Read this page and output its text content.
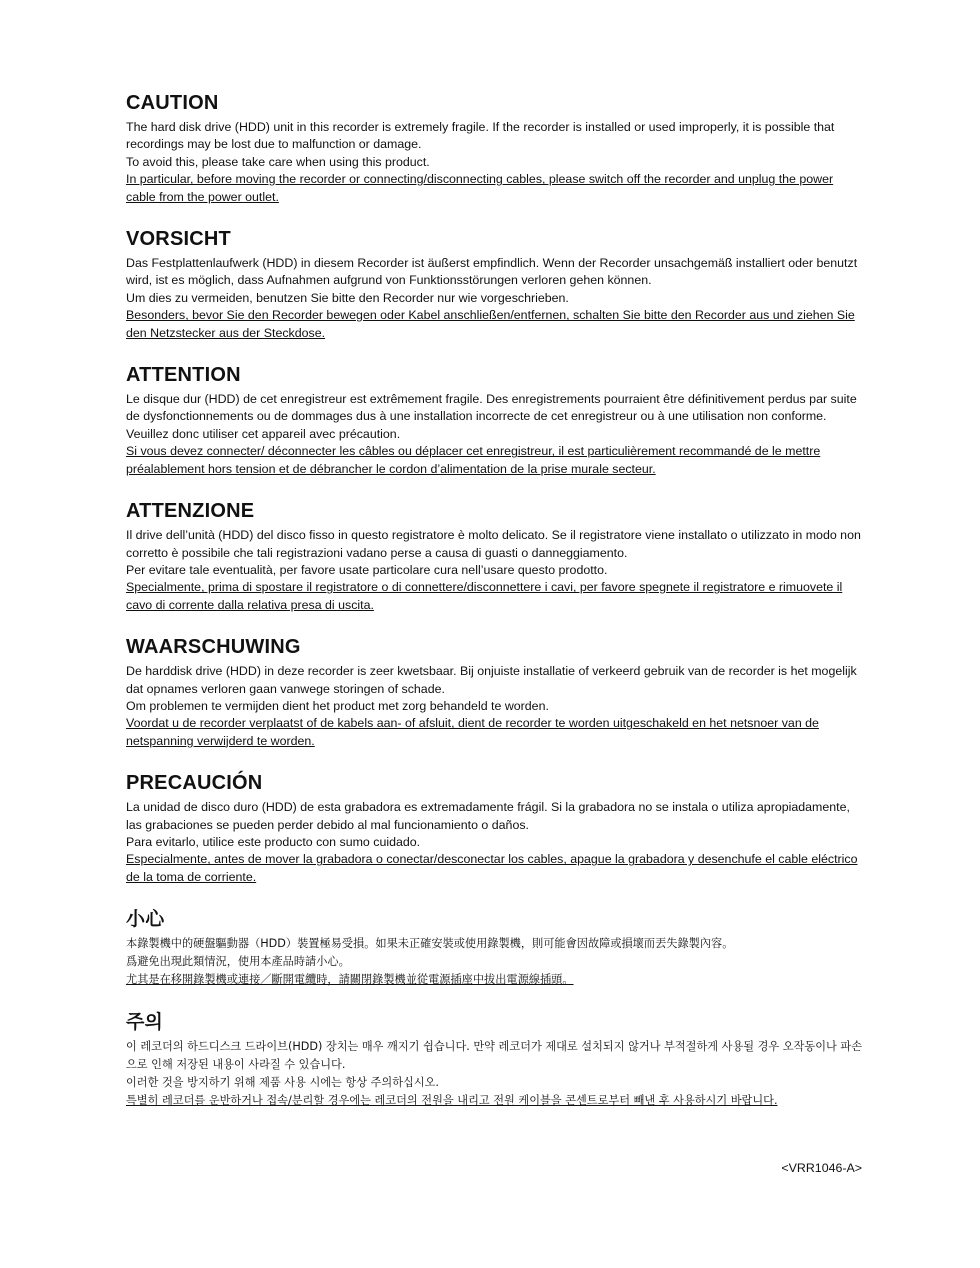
CAUTION

The hard disk drive (HDD) unit in this recorder is extremely fragile. If the recorder is installed or used improperly, it is possible that recordings may be lost due to malfunction or damage.

To avoid this, please take care when using this product.

In particular, before moving the recorder or connecting/disconnecting cables, please switch off the recorder and unplug the power cable from the power outlet.

VORSICHT

Das Festplattenlaufwerk (HDD) in diesem Recorder ist äußerst empfindlich. Wenn der Recorder unsachgemäß installiert oder benutzt wird, ist es möglich, dass Aufnahmen aufgrund von Funktionsstörungen verloren gehen können.

Um dies zu vermeiden, benutzen Sie bitte den Recorder nur wie vorgeschrieben.

Besonders, bevor Sie den Recorder bewegen oder Kabel anschließen/entfernen, schalten Sie bitte den Recorder aus und ziehen Sie den Netzstecker aus der Steckdose.

ATTENTION

Le disque dur (HDD) de cet enregistreur est extrêmement fragile. Des enregistrements pourraient être définitivement perdus par suite de dysfonctionnements ou de dommages dus à une installation incorrecte de cet enregistreur ou à une utilisation non conforme.

Veuillez donc utiliser cet appareil avec précaution.

Si vous devez connecter/ déconnecter les câbles ou déplacer cet enregistreur, il est particulièrement recommandé de le mettre préalablement hors tension et de débrancher le cordon d’alimentation de la prise murale secteur.

ATTENZIONE

Il drive dell’unità (HDD) del disco fisso in questo registratore è molto delicato. Se il registratore viene installato o utilizzato in modo non corretto è possibile che tali registrazioni vadano perse a causa di guasti o danneggiamento.

Per evitare tale eventualità, per favore usate particolare cura nell’usare questo prodotto.

Specialmente, prima di spostare il registratore o di connettere/disconnettere i cavi, per favore spegnete il registratore e rimuovete il cavo di corrente dalla relativa presa di uscita.

WAARSCHUWING

De harddisk drive (HDD) in deze recorder is zeer kwetsbaar. Bij onjuiste installatie of verkeerd gebruik van de recorder is het mogelijk dat opnames verloren gaan vanwege storingen of schade.

Om problemen te vermijden dient het product met zorg behandeld te worden.

Voordat u de recorder verplaatst of de kabels aan- of afsluit, dient de recorder te worden uitgeschakeld en het netsnoer van de netspanning verwijderd te worden.

PRECAUCIÓN

La unidad de disco duro (HDD) de esta grabadora es extremadamente frágil. Si la grabadora no se instala o utiliza apropiadamente, las grabaciones se pueden perder debido al mal funcionamiento o daños.

Para evitarlo, utilice este producto con sumo cuidado.

Especialmente, antes de mover la grabadora o conectar/desconectar los cables, apague la grabadora y desenchufe el cable eléctrico de la toma de corriente.

小心

本錄製機中的硬盤驅動器（HDD）裝置極易受損。如果未正確安裝或使用錄製機，則可能會因故障或損壞而丟失錄製內容。

爲避免出現此類情況，使用本產品時請小心。

尤其是在移開錄製機或連接／斷開電纜時，請關閉錄製機並從電源插座中拔出電源線插頭。

주의

이 레코더의 하드디스크 드라이브(HDD) 장치는 매우 깨지기 쉽습니다. 만약 레코더가 제대로 설치되지 않거나 부적절하게 사용될 경우 오작동이나 파손으로 인해 저장된 내용이 사라질 수 있습니다.

이러한 것을 방지하기 위해 제품 사용 시에는 항상 주의하십시오.

특별히 레코더를 운반하거나 접속/분리할 경우에는 레코더의 전원을 내리고 전원 케이블을 콘센트로부터 빼낸 후 사용하시기 바랍니다.

<VRR1046-A>
